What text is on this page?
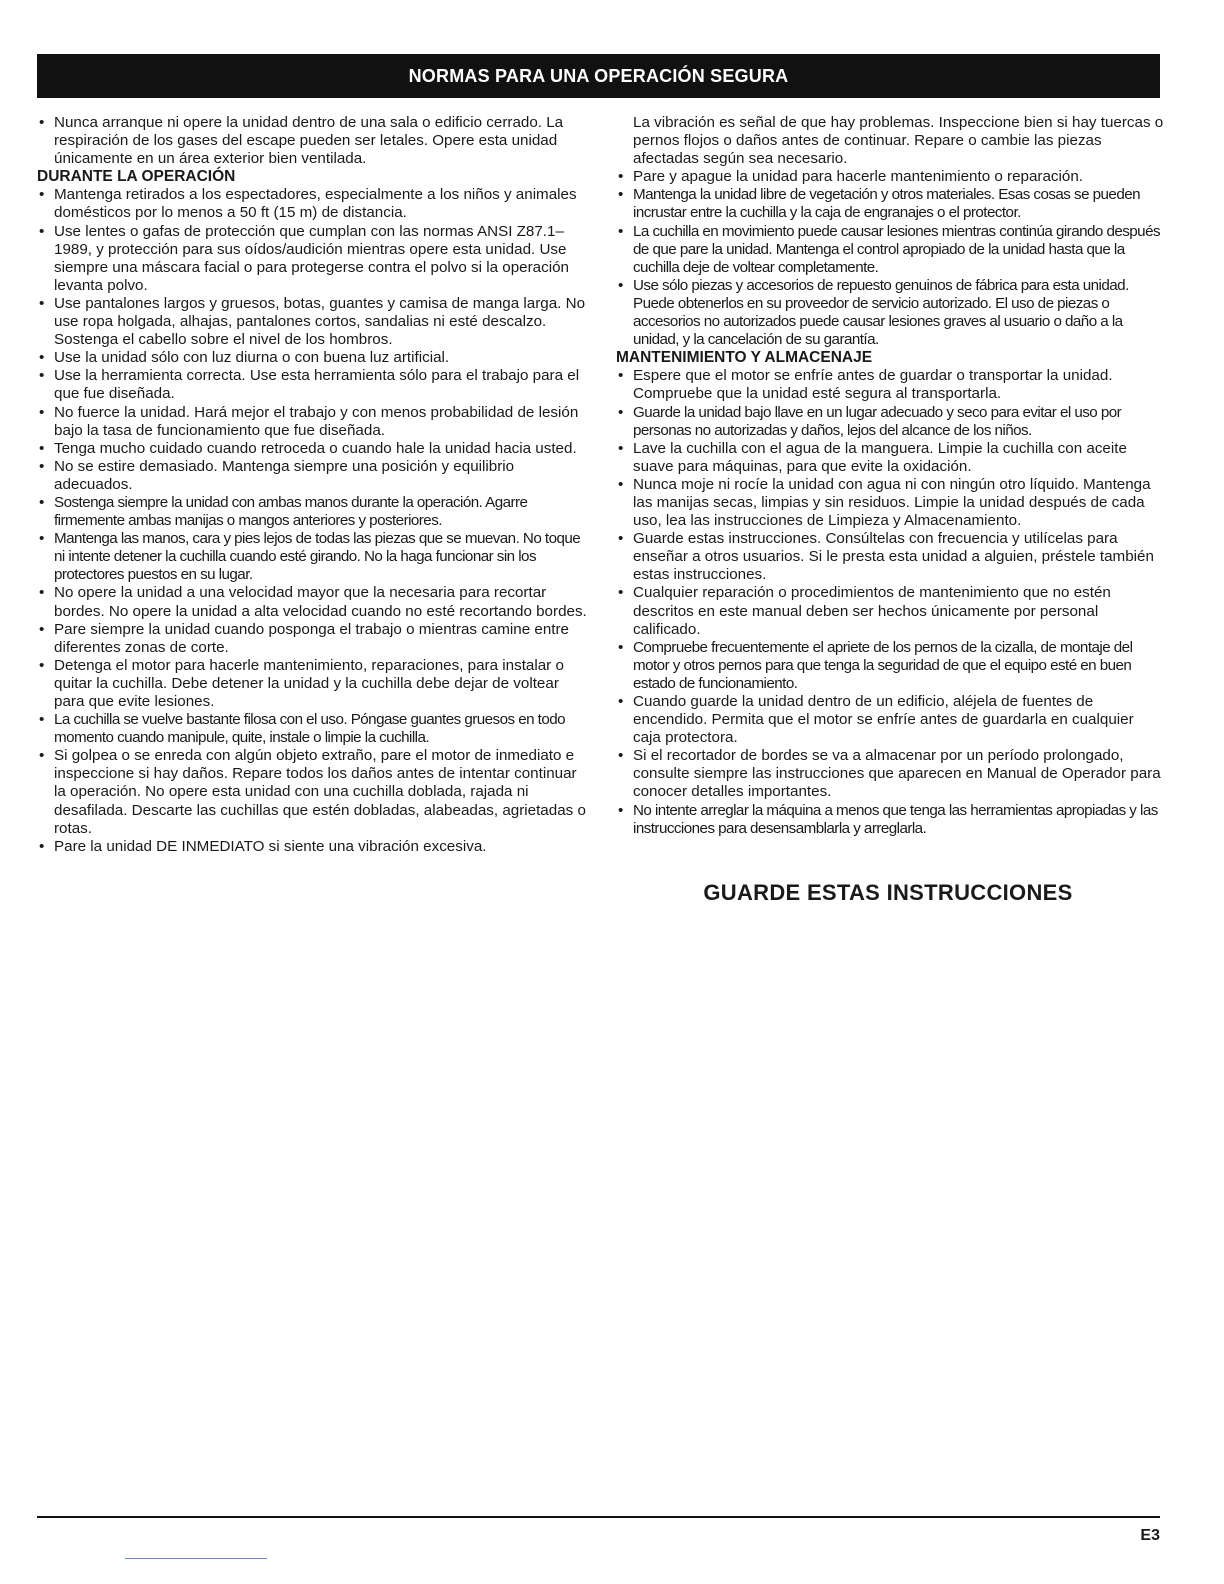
NORMAS PARA UNA OPERACIÓN SEGURA
• Nunca arranque ni opere la unidad dentro de una sala o edificio cerrado. La respiración de los gases del escape pueden ser letales. Opere esta unidad únicamente en un área exterior bien ventilada.
DURANTE LA OPERACIÓN
• Mantenga retirados a los espectadores, especialmente a los niños y animales domésticos por lo menos a 50 ft (15 m) de distancia.
• Use lentes o gafas de protección que cumplan con las normas ANSI Z87.1–1989, y protección para sus oídos/audición mientras opere esta unidad. Use siempre una máscara facial o para protegerse contra el polvo si la operación levanta polvo.
• Use pantalones largos y gruesos, botas, guantes y camisa de manga larga. No use ropa holgada, alhajas, pantalones cortos, sandalias ni esté descalzo. Sostenga el cabello sobre el nivel de los hombros.
• Use la unidad sólo con luz diurna o con buena luz artificial.
• Use la herramienta correcta. Use esta herramienta sólo para el trabajo para el que fue diseñada.
• No fuerce la unidad. Hará mejor el trabajo y con menos probabilidad de lesión bajo la tasa de funcionamiento que fue diseñada.
• Tenga mucho cuidado cuando retroceda o cuando hale la unidad hacia usted.
• No se estire demasiado. Mantenga siempre una posición y equilibrio adecuados.
• Sostenga siempre la unidad con ambas manos durante la operación. Agarre firmemente ambas manijas o mangos anteriores y posteriores.
• Mantenga las manos, cara y pies lejos de todas las piezas que se muevan. No toque ni intente detener la cuchilla cuando esté girando. No la haga funcionar sin los protectores puestos en su lugar.
• No opere la unidad a una velocidad mayor que la necesaria para recortar bordes. No opere la unidad a alta velocidad cuando no esté recortando bordes.
• Pare siempre la unidad cuando posponga el trabajo o mientras camine entre diferentes zonas de corte.
• Detenga el motor para hacerle mantenimiento, reparaciones, para instalar o quitar la cuchilla. Debe detener la unidad y la cuchilla debe dejar de voltear para que evite lesiones.
• La cuchilla se vuelve bastante filosa con el uso. Póngase guantes gruesos en todo momento cuando manipule, quite, instale o limpie la cuchilla.
• Si golpea o se enreda con algún objeto extraño, pare el motor de inmediato e inspeccione si hay daños. Repare todos los daños antes de intentar continuar la operación. No opere esta unidad con una cuchilla doblada, rajada ni desafilada. Descarte las cuchillas que estén dobladas, alabeadas, agrietadas o rotas.
• Pare la unidad DE INMEDIATO si siente una vibración excesiva.

La vibración es señal de que hay problemas. Inspeccione bien si hay tuercas o pernos flojos o daños antes de continuar. Repare o cambie las piezas afectadas según sea necesario.

• Pare y apague la unidad para hacerle mantenimiento o reparación.
• Mantenga la unidad libre de vegetación y otros materiales. Esas cosas se pueden incrustar entre la cuchilla y la caja de engranajes o el protector.
• La cuchilla en movimiento puede causar lesiones mientras continúa girando después de que pare la unidad. Mantenga el control apropiado de la unidad hasta que la cuchilla deje de voltear completamente.
• Use sólo piezas y accesorios de repuesto genuinos de fábrica para esta unidad. Puede obtenerlos en su proveedor de servicio autorizado. El uso de piezas o accesorios no autorizados puede causar lesiones graves al usuario o daño a la unidad, y la cancelación de su garantía.
MANTENIMIENTO Y ALMACENAJE
• Espere que el motor se enfríe antes de guardar o transportar la unidad. Compruebe que la unidad esté segura al transportarla.
• Guarde la unidad bajo llave en un lugar adecuado y seco para evitar el uso por personas no autorizadas y daños, lejos del alcance de los niños.
• Lave la cuchilla con el agua de la manguera. Limpie la cuchilla con aceite suave para máquinas, para que evite la oxidación.
• Nunca moje ni rocíe la unidad con agua ni con ningún otro líquido. Mantenga las manijas secas, limpias y sin residuos. Limpie la unidad después de cada uso, lea las instrucciones de Limpieza y Almacenamiento.
• Guarde estas instrucciones. Consúltelas con frecuencia y utilícelas para enseñar a otros usuarios. Si le presta esta unidad a alguien, préstele también estas instrucciones.
• Cualquier reparación o procedimientos de mantenimiento que no estén descritos en este manual deben ser hechos únicamente por personal calificado.
• Compruebe frecuentemente el apriete de los pernos de la cizalla, de montaje del motor y otros pernos para que tenga la seguridad de que el equipo esté en buen estado de funcionamiento.
• Cuando guarde la unidad dentro de un edificio, aléjela de fuentes de encendido. Permita que el motor se enfríe antes de guardarla en cualquier caja protectora.
• Si el recortador de bordes se va a almacenar por un período prolongado, consulte siempre las instrucciones que aparecen en Manual de Operador para conocer detalles importantes.
• No intente arreglar la máquina a menos que tenga las herramientas apropiadas y las instrucciones para desensamblarla y arreglarla.
GUARDE ESTAS INSTRUCCIONES
E3
